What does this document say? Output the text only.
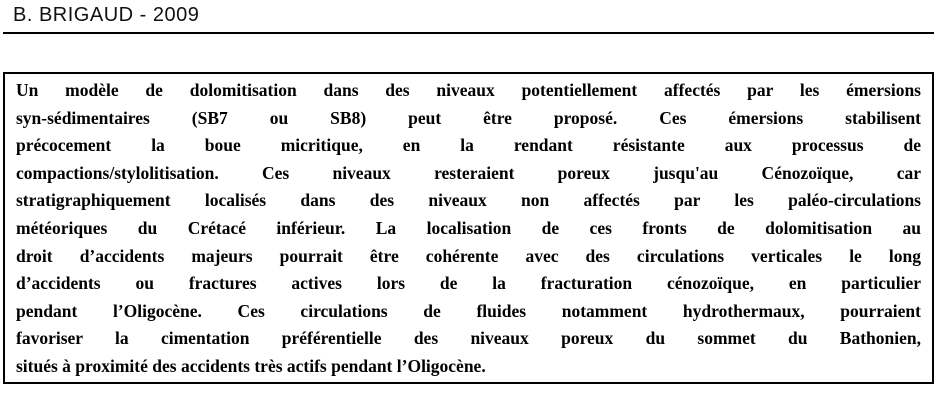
B. BRIGAUD - 2009
Un modèle de dolomitisation dans des niveaux potentiellement affectés par les émersions
syn-sédimentaires (SB7 ou SB8) peut être proposé. Ces émersions stabilisent
précocement la boue micritique, en la rendant résistante aux processus de
compactions/stylolitisation. Ces niveaux resteraient poreux jusqu'au Cénozoïque, car
stratigraphiquement localisés dans des niveaux non affectés par les paléo-circulations
météoriques du Crétacé inférieur. La localisation de ces fronts de dolomitisation au
droit d’accidents majeurs pourrait être cohérente avec des circulations verticales le long
d’accidents ou fractures actives lors de la fracturation cénozoïque, en particulier
pendant l’Oligocène. Ces circulations de fluides notamment hydrothermaux, pourraient
favoriser la cimentation préférentielle des niveaux poreux du sommet du Bathonien,
situés à proximité des accidents très actifs pendant l’Oligocène.
